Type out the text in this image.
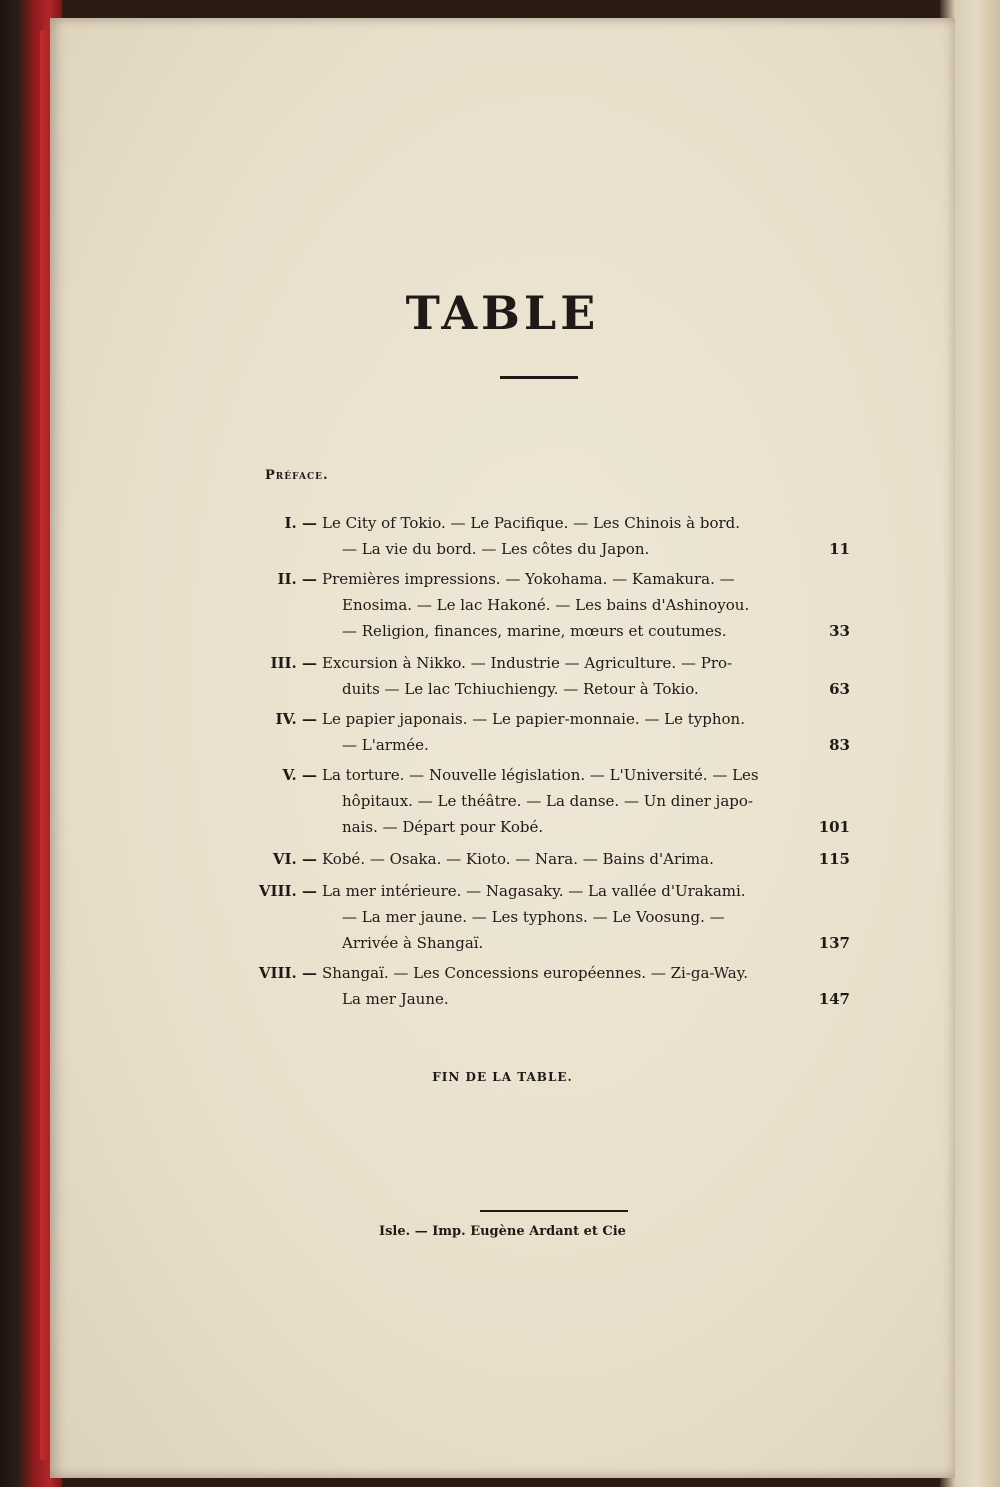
TABLE
Préface.
I. — Le City of Tokio. — Le Pacifique. — Les Chinois à bord.
— La vie du bord. — Les côtes du Japon.	11
II. — Premières impressions. — Yokohama. — Kamakura. —
Enosima. — Le lac Hakoné. — Les bains d'Ashinoyou.
— Religion, finances, marine, mœurs et coutumes.	33
III. — Excursion à Nikko. — Industrie — Agriculture. — Pro-
duits — Le lac Tchiuchiengy. — Retour à Tokio.	63
IV. — Le papier japonais. — Le papier-monnaie. — Le typhon.
— L'armée.	83
V. — La torture. — Nouvelle législation. — L'Université. — Les
hôpitaux. — Le théâtre. — La danse. — Un diner japo-
nais. — Départ pour Kobé.	101
VI. — Kobé. — Osaka. — Kioto. — Nara. — Bains d'Arima.	115
VIII. — La mer intérieure. — Nagasaky. — La vallée d'Urakami.
— La mer jaune. — Les typhons. — Le Voosung. —
Arrivée à Shangaï.	137
VIII. — Shangaï. — Les Concessions européennes. — Zi-ga-Way.
La mer Jaune.	147
FIN DE LA TABLE.
Isle. — Imp. Eugène Ardant et Cie
